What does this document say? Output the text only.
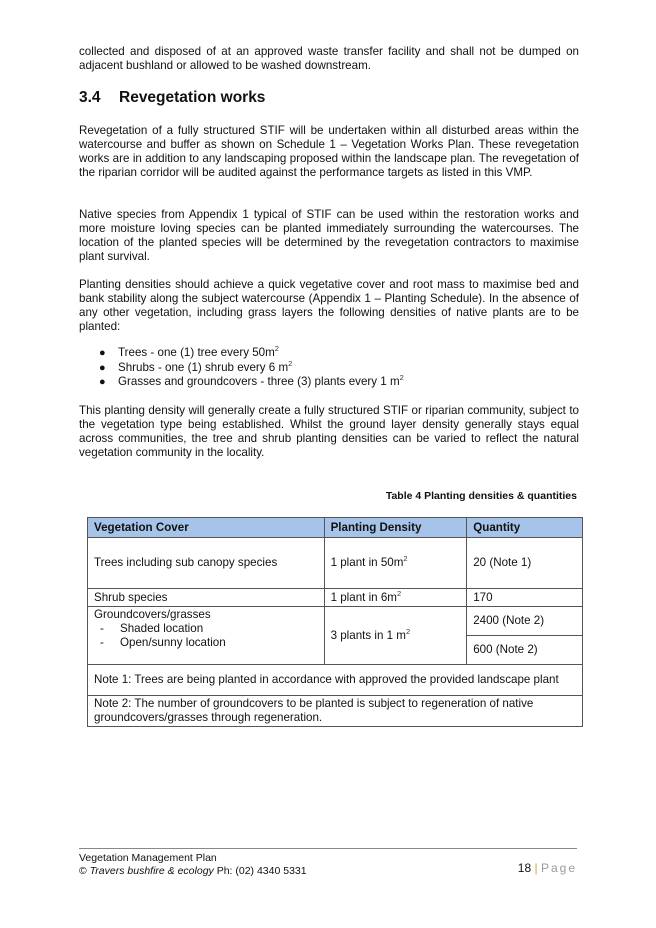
collected and disposed of at an approved waste transfer facility and shall not be dumped on adjacent bushland or allowed to be washed downstream.

3.4 Revegetation works

Revegetation of a fully structured STIF will be undertaken within all disturbed areas within the watercourse and buffer as shown on Schedule 1 – Vegetation Works Plan. These revegetation works are in addition to any landscaping proposed within the landscape plan. The revegetation of the riparian corridor will be audited against the performance targets as listed in this VMP.

Native species from Appendix 1 typical of STIF can be used within the restoration works and more moisture loving species can be planted immediately surrounding the watercourses. The location of the planted species will be determined by the revegetation contractors to maximise plant survival.

Planting densities should achieve a quick vegetative cover and root mass to maximise bed and bank stability along the subject watercourse (Appendix 1 – Planting Schedule). In the absence of any other vegetation, including grass layers the following densities of native plants are to be planted:

● Trees - one (1) tree every $50m^2$
● Shrubs - one (1) shrub every 6 $m^2$
● Grasses and groundcovers - three (3) plants every 1 $m^2$

This planting density will generally create a fully structured STIF or riparian community, subject to the vegetation type being established. Whilst the ground layer density generally stays equal across communities, the tree and shrub planting densities can be varied to reflect the natural vegetation community in the locality.

Table 4 Planting densities & quantities
Vegetation Cover	Planting Density	Quantity
Trees including sub canopy species	1 plant in $50m^2$	20 (Note 1)
Shrub species	1 plant in $6m^2$	170
Groundcovers/grasses
- Shaded location
- Open/sunny location	3 plants in 1 $m^2$	2400 (Note 2)
		600 (Note 2)
Note 1: Trees are being planted in accordance with approved the provided landscape plant		
Note 2: The number of groundcovers to be planted is subject to regeneration of native groundcovers/grasses through regeneration.		
Vegetation Management Plan
© Travers bushfire & ecology Ph: (02) 4340 5331	18 | Page
